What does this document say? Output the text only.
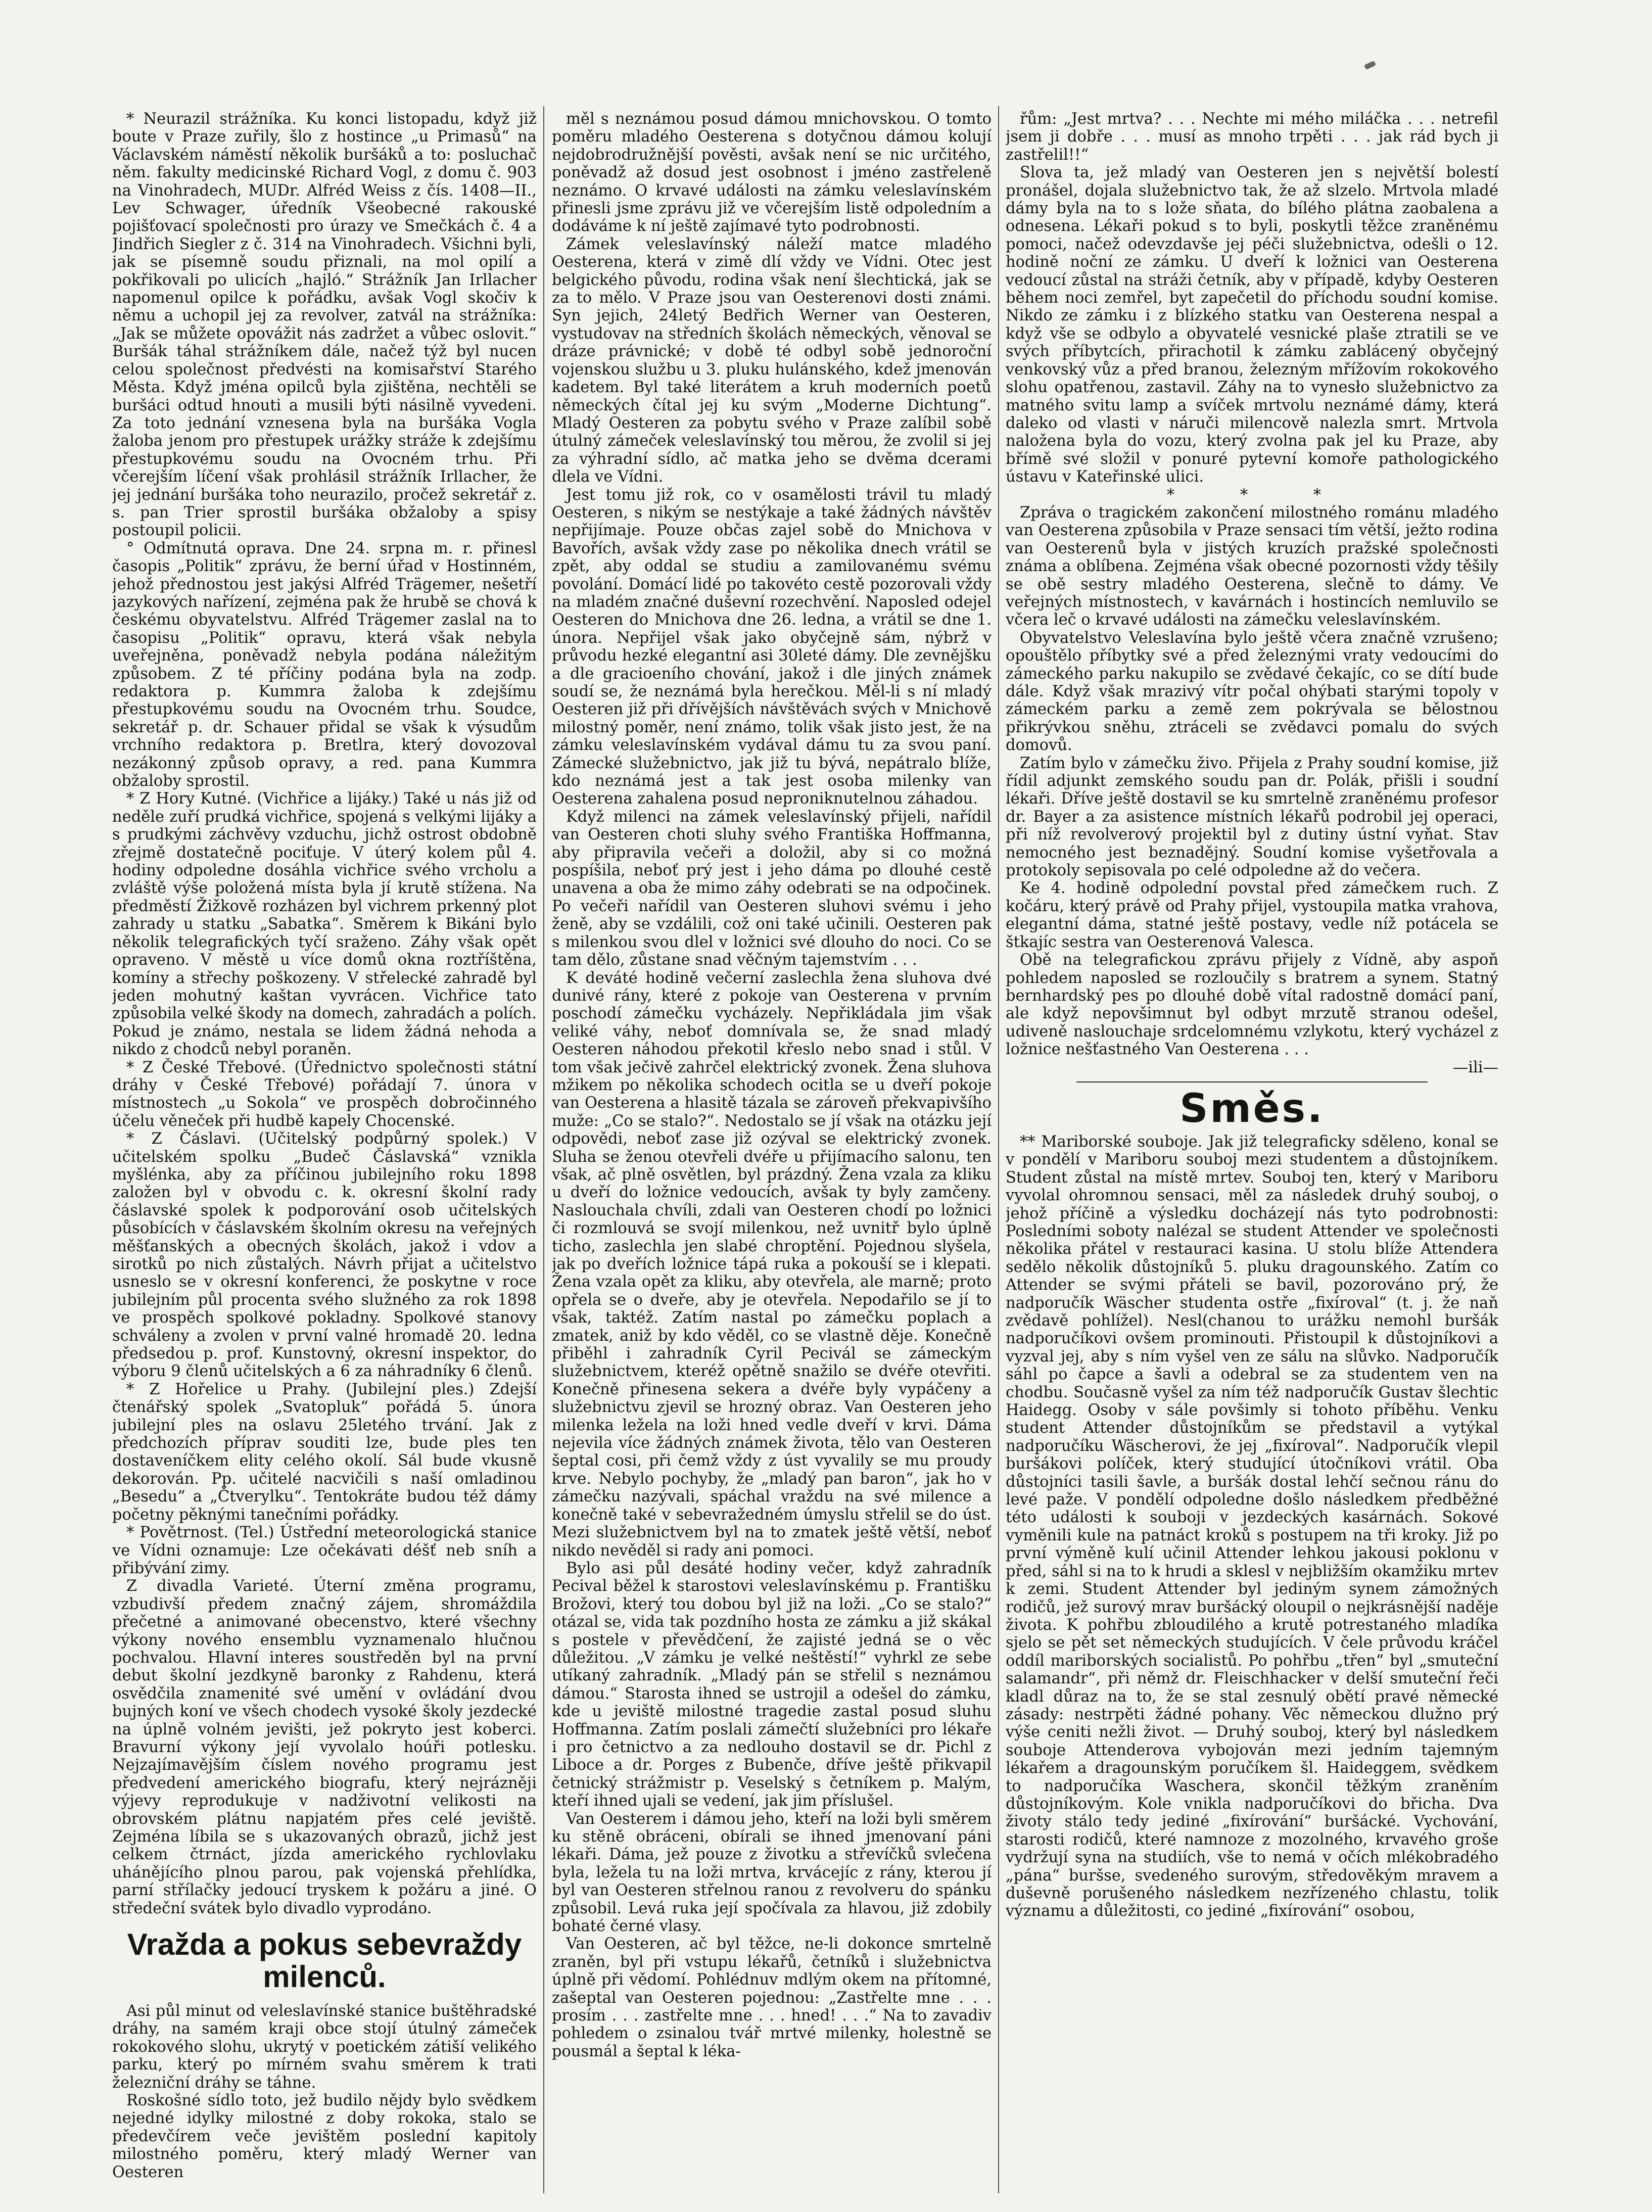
* Neurazil strážníka. Ku konci listopadu, když již boute v Praze zuřily, šlo z hostince „u Primasů“ na Václavském náměstí několik buršáků a to: posluchač něm. fakulty medicinské Richard Vogl, z domu č. 903 na Vinohradech, MUDr. Alfréd Weiss z čís. 1408—II., Lev Schwager, úředník Všeobecné rakouské pojišťovací společnosti pro úrazy ve Smečkách č. 4 a Jindřich Siegler z č. 314 na Vinohradech. Všichni byli, jak se písemně soudu přiznali, na mol opilí a pokřikovali po ulicích „hajló.“ Strážník Jan Irllacher napomenul opilce k pořádku, avšak Vogl skočiv k němu a uchopil jej za revolver, zatvál na strážníka: „Jak se můžete opovážit nás zadržet a vůbec oslovit.“ Buršák táhal strážníkem dále, načež týž byl nucen celou společnost předvésti na komisařství Starého Města. Když jména opilců byla zjištěna, nechtěli se buršáci odtud hnouti a musili býti násilně vyvedeni. Za toto jednání vznesena byla na buršáka Vogla žaloba jenom pro přestupek urážky stráže k zdejšímu přestupkovému soudu na Ovocném trhu. Při včerejším líčení však prohlásil strážník Irllacher, že jej jednání buršáka toho neurazilo, pročež sekretář z. s. pan Trier sprostil buršáka obžaloby a spisy postoupil policii.

° Odmítnutá oprava. Dne 24. srpna m. r. přinesl časopis „Politik“ zprávu, že berní úřad v Hostinném, jehož přednostou jest jakýsi Alfréd Trägemer, nešetří jazykových nařízení, zejména pak že hrubě se chová k českému obyvatelstvu. Alfréd Trägemer zaslal na to časopisu „Politik“ opravu, která však nebyla uveřejněna, poněvadž nebyla podána náležitým způsobem. Z té příčiny podána byla na zodp. redaktora p. Kummra žaloba k zdejšímu přestupkovému soudu na Ovocném trhu. Soudce, sekretář p. dr. Schauer přidal se však k výsudům vrchního redaktora p. Bretlra, který dovozoval nezákonný způsob opravy, a red. pana Kummra obžaloby sprostil.

* Z Hory Kutné. (Vichřice a lijáky.) Také u nás již od neděle zuří prudká vichřice, spojená s velkými lijáky a s prudkými záchvěvy vzduchu, jichž ostrost obdobně zřejmě dostatečně pociťuje. V úterý kolem půl 4. hodiny odpoledne dosáhla vichřice svého vrcholu a zvláště výše položená místa byla jí krutě stížena. Na předměstí Žižkově rozházen byl vichrem prkenný plot zahrady u statku „Sabatka“. Směrem k Bikáni bylo několik telegrafických tyčí sraženo. Záhy však opět opraveno. V městě u více domů okna roztříštěna, komíny a střechy poškozeny. V střelecké zahradě byl jeden mohutný kaštan vyvrácen. Vichřice tato způsobila velké škody na domech, zahradách a polích. Pokud je známo, nestala se lidem žádná nehoda a nikdo z chodců nebyl poraněn.

* Z České Třebové. (Úřednictvo společnosti státní dráhy v České Třebové) pořádají 7. února v místnostech „u Sokola“ ve prospěch dobročinného účelu věneček při hudbě kapely Chocenské.

* Z Čáslavi. (Učitelský podpůrný spolek.) V učitelském spolku „Budeč Čáslavská“ vznikla myšlénka, aby za příčinou jubilejního roku 1898 založen byl v obvodu c. k. okresní školní rady čáslavské spolek k podporování osob učitelských působících v čáslavském školním okresu na veřejných měšťanských a obecných školách, jakož i vdov a sirotků po nich zůstalých. Návrh přijat a učitelstvo usneslo se v okresní konferenci, že poskytne v roce jubilejním půl procenta svého služného za rok 1898 ve prospěch spolkové pokladny. Spolkové stanovy schváleny a zvolen v první valné hromadě 20. ledna předsedou p. prof. Kunstovný, okresní inspektor, do výboru 9 členů učitelských a 6 za náhradníky 6 členů.

* Z Hořelice u Prahy. (Jubilejní ples.) Zdejší čtenářský spolek „Svatopluk“ pořádá 5. února jubilejní ples na oslavu 25letého trvání. Jak z předchozích příprav souditi lze, bude ples ten dostaveníčkem elity celého okolí. Sál bude vkusně dekorován. Pp. učitelé nacvičili s naší omladinou „Besedu“ a „Čtverylku“. Tentokráte budou též dámy početny pěknými tanečními pořádky.

* Povětrnost. (Tel.) Ústřední meteorologická stanice ve Vídni oznamuje: Lze očekávati déšť neb sníh a přibývání zimy.

Z divadla Varieté. Úterní změna programu, vzbudivší předem značný zájem, shromáždila přečetné a animované obecenstvo, které všechny výkony nového ensemblu vyznamenalo hlučnou pochvalou. Hlavní interes soustředěn byl na první debut školní jezdkyně baronky z Rahdenu, která osvědčila znamenité své umění v ovládání dvou bujných koní ve všech chodech vysoké školy jezdecké na úplně volném jevišti, jež pokryto jest koberci. Bravurní výkony její vyvolalo hoúři potlesku. Nejzajímavějším číslem nového programu jest předvedení amerického biografu, který nejrázněji výjevy reprodukuje v nadživotní velikosti na obrovském plátnu napjatém přes celé jeviště. Zejména líbila se s ukazovaných obrazů, jichž jest celkem čtrnáct, jízda amerického rychlovlaku uhánějícího plnou parou, pak vojenská přehlídka, parní střílačky jedoucí tryskem k požáru a jiné. O středeční svátek bylo divadlo vyprodáno.

Vražda a pokus sebevraždy milenců.

Asi půl minut od veleslavínské stanice buštěhradské dráhy, na samém kraji obce stojí útulný zámeček rokokového slohu, ukrytý v poetickém zátiší velikého parku, který po mírném svahu směrem k trati železniční dráhy se táhne.

Roskošné sídlo toto, jež budilo nějdy bylo svědkem nejedné idylky milostné z doby rokoka, stalo se předevčírem veče jevištěm poslední kapitoly milostného poměru, který mladý Werner van Oesteren

měl s neznámou posud dámou mnichovskou. O tomto poměru mladého Oesterena s dotyčnou dámou kolují nejdobrodružnější pověsti, avšak není se nic určitého, poněvadž až dosud jest osobnost i jméno zastřeleně neznámo. O krvavé události na zámku veleslavínském přinesli jsme zprávu již ve včerejším listě odpoledním a dodáváme k ní ještě zajímavé tyto podrobnosti.

Zámek veleslavínský náleží matce mladého Oesterena, která v zimě dlí vždy ve Vídni. Otec jest belgického původu, rodina však není šlechtická, jak se za to mělo. V Praze jsou van Oesterenovi dosti známi. Syn jejich, 24letý Bedřich Werner van Oesteren, vystudovav na středních školách německých, věnoval se dráze právnické; v době té odbyl sobě jednoroční vojenskou službu u 3. pluku hulánského, kdež jmenován kadetem. Byl také literátem a kruh moderních poetů německých čítal jej ku svým „Moderne Dichtung“. Mladý Oesteren za pobytu svého v Praze zalíbil sobě útulný zámeček veleslavínský tou měrou, že zvolil si jej za výhradní sídlo, ač matka jeho se dvěma dcerami dlela ve Vídni.

Jest tomu již rok, co v osamělosti trávil tu mladý Oesteren, s nikým se nestýkaje a také žádných návštěv nepřijímaje. Pouze občas zajel sobě do Mnichova v Bavořích, avšak vždy zase po několika dnech vrátil se zpět, aby oddal se studiu a zamilovanému svému povolání. Domácí lidé po takovéto cestě pozorovali vždy na mladém značné duševní rozechvění. Naposled odejel Oesteren do Mnichova dne 26. ledna, a vrátil se dne 1. února. Nepřijel však jako obyčejně sám, nýbrž v průvodu hezké elegantní asi 30leté dámy. Dle zevnějšku a dle gracioeního chování, jakož i dle jiných známek soudí se, že neznámá byla herečkou. Měl-li s ní mladý Oesteren již při dřívějších návštěvách svých v Mnichově milostný poměr, není známo, tolik však jisto jest, že na zámku veleslavínském vydával dámu tu za svou paní. Zámecké služebnictvo, jak již tu bývá, nepátralo blíže, kdo neznámá jest a tak jest osoba milenky van Oesterena zahalena posud neproniknutelnou záhadou.

Když milenci na zámek veleslavínský přijeli, nařídil van Oesteren choti sluhy svého Františka Hoffmanna, aby připravila večeři a doložil, aby si co možná pospíšila, neboť prý jest i jeho dáma po dlouhé cestě unavena a oba že mimo záhy odebrati se na odpočinek. Po večeři nařídil van Oesteren sluhovi svému i jeho ženě, aby se vzdálili, což oni také učinili. Oesteren pak s milenkou svou dlel v ložnici své dlouho do noci. Co se tam dělo, zůstane snad věčným tajemstvím . . .

K deváté hodině večerní zaslechla žena sluhova dvé dunivé rány, které z pokoje van Oesterena v prvním poschodí zámečku vycházely. Nepřikládala jim však veliké váhy, neboť domnívala se, že snad mladý Oesteren náhodou překotil křeslo nebo snad i stůl. V tom však ječivě zahrčel elektrický zvonek. Žena sluhova mžikem po několika schodech ocitla se u dveří pokoje van Oesterena a hlasitě tázala se zároveň překvapivšího muže: „Co se stalo?“. Nedostalo se jí však na otázku její odpovědi, neboť zase již ozýval se elektrický zvonek. Sluha se ženou otevřeli dvéře u přijímacího salonu, ten však, ač plně osvětlen, byl prázdný. Žena vzala za kliku u dveří do ložnice vedoucích, avšak ty byly zamčeny. Naslouchala chvíli, zdali van Oesteren chodí po ložnici či rozmlouvá se svojí milenkou, než uvnitř bylo úplně ticho, zaslechla jen slabé chroptění. Pojednou slyšela, jak po dveřích ložnice tápá ruka a pokouší se i klepati. Žena vzala opět za kliku, aby otevřela, ale marně; proto opřela se o dveře, aby je otevřela. Nepodařilo se jí to však, taktéž. Zatím nastal po zámečku poplach a zmatek, aniž by kdo věděl, co se vlastně děje. Konečně přiběhl i zahradník Cyril Pecivál se zámeckým služebnictvem, kteréž opětně snažilo se dvéře otevřiti. Konečně přinesena sekera a dvéře byly vypáčeny a služebnictvu zjevil se hrozný obraz. Van Oesteren jeho milenka ležela na loži hned vedle dveří v krvi. Dáma nejevila více žádných známek života, tělo van Oesteren šeptal cosi, při čemž vždy z úst vyvalily se mu proudy krve. Nebylo pochyby, že „mladý pan baron“, jak ho v zámečku nazývali, spáchal vraždu na své milence a konečně také v sebevražedném úmyslu střelil se do úst. Mezi služebnictvem byl na to zmatek ještě větší, neboť nikdo nevěděl si rady ani pomoci.

Bylo asi půl desáté hodiny večer, když zahradník Pecival běžel k starostovi veleslavínskému p. Františku Brožovi, který tou dobou byl již na loži. „Co se stalo?“ otázal se, vida tak pozdního hosta ze zámku a již skákal s postele v převědčení, že zajisté jedná se o věc důležitou. „V zámku je velké neštěstí!“ vyhrkl ze sebe utíkaný zahradník. „Mladý pán se střelil s neznámou dámou.“ Starosta ihned se ustrojil a odešel do zámku, kde u jeviště milostné tragedie zastal posud sluhu Hoffmanna. Zatím poslali zámečtí služebníci pro lékaře i pro četnictvo a za nedlouho dostavil se dr. Pichl z Liboce a dr. Porges z Bubenče, dříve ještě přikvapil četnický strážmistr p. Veselský s četníkem p. Malým, kteří ihned ujali se vedení, jak jim příslušel.

Van Oesterem i dámou jeho, kteří na loži byli směrem ku stěně obráceni, obírali se ihned jmenovaní páni lékaři. Dáma, jež pouze z životku a střevíčků svlečena byla, ležela tu na loži mrtva, krvácejíc z rány, kterou jí byl van Oesteren střelnou ranou z revolveru do spánku způsobil. Levá ruka její spočívala za hlavou, již zdobily bohaté černé vlasy.

Van Oesteren, ač byl těžce, ne-li dokonce smrtelně zraněn, byl při vstupu lékařů, četníků i služebnictva úplně při vědomí. Pohlédnuv mdlým okem na přítomné, zašeptal van Oesteren pojednou: „Zastřelte mne . . . prosím . . . zastřelte mne . . . hned! . . .“ Na to zavadiv pohledem o zsinalou tvář mrtvé milenky, holestně se pousmál a šeptal k léka-

řům: „Jest mrtva? . . . Nechte mi mého miláčka . . . netrefil jsem ji dobře . . . musí as mnoho trpěti . . . jak rád bych ji zastřelil!!“

Slova ta, jež mladý van Oesteren jen s největší bolestí pronášel, dojala služebnictvo tak, že až slzelo. Mrtvola mladé dámy byla na to s lože sňata, do bílého plátna zaobalena a odnesena. Lékaři pokud s to byli, poskytli těžce zraněnému pomoci, načež odevzdavše jej péči služebnictva, odešli o 12. hodině noční ze zámku. U dveří k ložnici van Oesterena vedoucí zůstal na stráži četník, aby v případě, kdyby Oesteren během noci zemřel, byt zapečetil do příchodu soudní komise. Nikdo ze zámku i z blízkého statku van Oesterena nespal a když vše se odbylo a obyvatelé vesnické plaše ztratili se ve svých příbytcích, přirachotil k zámku zablácený obyčejný venkovský vůz a před branou, železným mřížovím rokokového slohu opatřenou, zastavil. Záhy na to vynesło služebnictvo za matného svitu lamp a svíček mrtvolu neznámé dámy, která daleko od vlasti v náruči milencově nalezla smrt. Mrtvola naložena byla do vozu, který zvolna pak jel ku Praze, aby břímě své složil v ponuré pytevní komoře pathologického ústavu v Kateřinské ulici.

* * *

Zpráva o tragickém zakončení milostného románu mladého van Oesterena způsobila v Praze sensaci tím větší, ježto rodina van Oesterenů byla v jistých kruzích pražské společnosti známa a oblíbena. Zejména však obecné pozornosti vždy těšily se obě sestry mladého Oesterena, slečně to dámy. Ve veřejných místnostech, v kavárnách i hostincích nemluvilo se včera leč o krvavé události na zámečku veleslavínském.

Obyvatelstvo Veleslavína bylo ještě včera značně vzrušeno; opouštělo příbytky své a před železnými vraty vedoucími do zámeckého parku nakupilo se zvědavé čekajíc, co se dítí bude dále. Když však mrazivý vítr počal ohýbati starými topoly v zámeckém parku a země zem pokrývala se bělostnou přikrývkou sněhu, ztráceli se zvědavci pomalu do svých domovů.

Zatím bylo v zámečku živo. Přijela z Prahy soudní komise, již řídil adjunkt zemského soudu pan dr. Polák, přišli i soudní lékaři. Dříve ještě dostavil se ku smrtelně zraněnému profesor dr. Bayer a za asistence místních lékařů podrobil jej operaci, při níž revolverový projektil byl z dutiny ústní vyňat. Stav nemocného jest beznadějný. Soudní komise vyšetřovala a protokoly sepisovala po celé odpoledne až do večera.

Ke 4. hodině odpolední povstal před zámečkem ruch. Z kočáru, který právě od Prahy přijel, vystoupila matka vrahova, elegantní dáma, statné ještě postavy, vedle níž potácela se štkajíc sestra van Oesterenová Valesca.

Obě na telegrafickou zprávu přijely z Vídně, aby aspoň pohledem naposled se rozloučily s bratrem a synem. Statný bernhardský pes po dlouhé době vítal radostně domácí paní, ale když nepovšimnut byl odbyt mrzutě stranou odešel, udiveně naslouchaje srdcelomnému vzlykotu, který vycházel z ložnice nešťastného Van Oesterena . . .

—ili—

Směs.

** Mariborské souboje. Jak již telegraficky sděleno, konal se v pondělí v Mariboru souboj mezi studentem a důstojníkem. Student zůstal na místě mrtev. Souboj ten, který v Mariboru vyvolal ohromnou sensaci, měl za následek druhý souboj, o jehož příčině a výsledku docházejí nás tyto podrobnosti: Posledními soboty nalézal se student Attender ve společnosti několika přátel v restauraci kasina. U stolu blíže Attendera sedělo několik důstojníků 5. pluku dragounského. Zatím co Attender se svými přáteli se bavil, pozorováno prý, že nadporučík Wäscher studenta ostře „fixíroval“ (t. j. že naň zvědavě pohlížel). Nesl(chanou to urážku nemohl buršák nadporučíkovi ovšem prominouti. Přistoupil k důstojníkovi a vyzval jej, aby s ním vyšel ven ze sálu na slůvko. Nadporučík sáhl po čapce a šavli a odebral se za studentem ven na chodbu. Současně vyšel za ním též nadporučík Gustav šlechtic Haidegg. Osoby v sále povšimly si tohoto příběhu. Venku student Attender důstojníkům se představil a vytýkal nadporučíku Wäscherovi, že jej „fixíroval“. Nadporučík vlepil buršákovi políček, který studující útočníkovi vrátil. Oba důstojníci tasili šavle, a buršák dostal lehčí sečnou ránu do levé paže. V pondělí odpoledne došlo následkem předběžné této události k souboji v jezdeckých kasárnách. Sokové vyměnili kule na patnáct kroků s postupem na tři kroky. Již po první výměně kulí učinil Attender lehkou jakousi poklonu v před, sáhl si na to k hrudi a sklesl v nejbližším okamžiku mrtev k zemi. Student Attender byl jediným synem zámožných rodičů, jež surový mrav buršácký oloupil o nejkrásnější naděje života. K pohřbu zbloudilého a krutě potrestaného mladíka sjelo se pět set německých studujících. V čele průvodu kráčel oddíl mariborských socialistů. Po pohřbu „třen“ byl „smuteční salamandr“, při němž dr. Fleischhacker v delší smuteční řeči kladl důraz na to, že se stal zesnulý obětí pravé německé zásady: nestrpěti žádné pohany. Věc německou dlužno prý výše ceniti nežli život. — Druhý souboj, který byl následkem souboje Attenderova vybojován mezi jedním tajemným lékařem a dragounským poručíkem šl. Haideggem, svědkem to nadporučíka Waschera, skončil těžkým zraněním důstojníkovým. Kole vnikla nadporučíkovi do břicha. Dva životy stálo tedy jediné „fixírování“ buršácké. Vychování, starosti rodičů, které namnoze z mozolného, krvavého groše vydržují syna na studiích, vše to nemá v očích mlékobradého „pána“ buršse, svedeného surovým, středověkým mravem a duševně porušeného následkem nezřízeného chlastu, tolik významu a důležitosti, co jediné „fixírování“ osobou,
